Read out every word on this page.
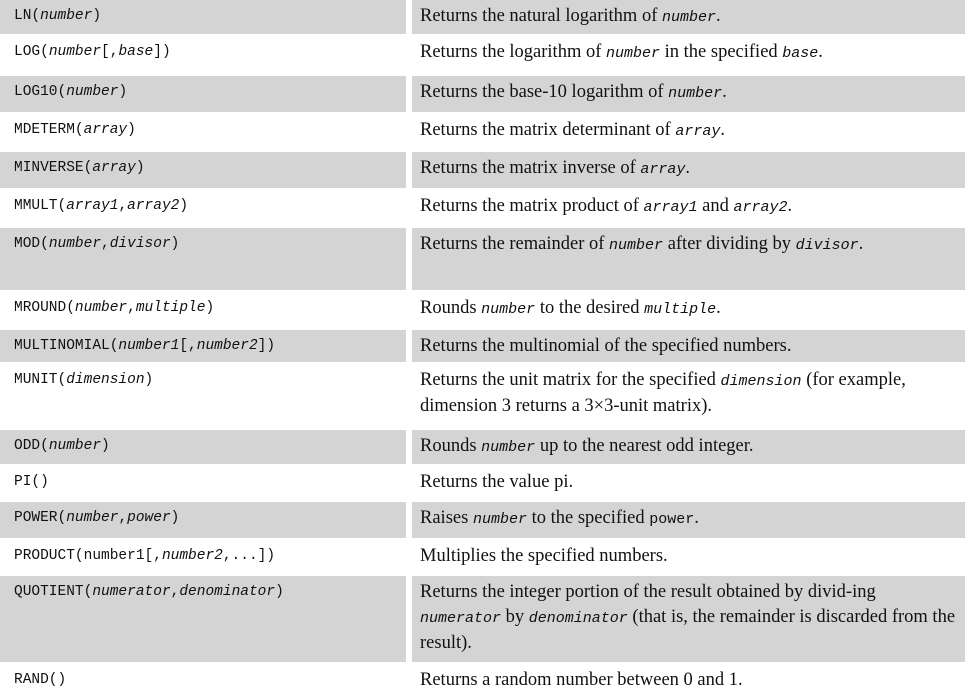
LN(number)	Returns the natural logarithm of number.
LOG(number[,base])	Returns the logarithm of number in the specified base.
LOG10(number)	Returns the base-10 logarithm of number.
MDETERM(array)	Returns the matrix determinant of array.
MINVERSE(array)	Returns the matrix inverse of array.
MMULT(array1,array2)	Returns the matrix product of array1 and array2.
MOD(number,divisor)	Returns the remainder of number after dividing by divisor.
MROUND(number,multiple)	Rounds number to the desired multiple.
MULTINOMIAL(number1[,number2])	Returns the multinomial of the specified numbers.
MUNIT(dimension)	Returns the unit matrix for the specified dimension (for example, dimension 3 returns a 3×3-unit matrix).
ODD(number)	Rounds number up to the nearest odd integer.
PI()	Returns the value pi.
POWER(number,power)	Raises number to the specified power.
PRODUCT(number1[,number2,...])	Multiplies the specified numbers.
QUOTIENT(numerator,denominator)	Returns the integer portion of the result obtained by divid-ing numerator by denominator (that is, the remainder is discarded from the result).
RAND()	Returns a random number between 0 and 1.
